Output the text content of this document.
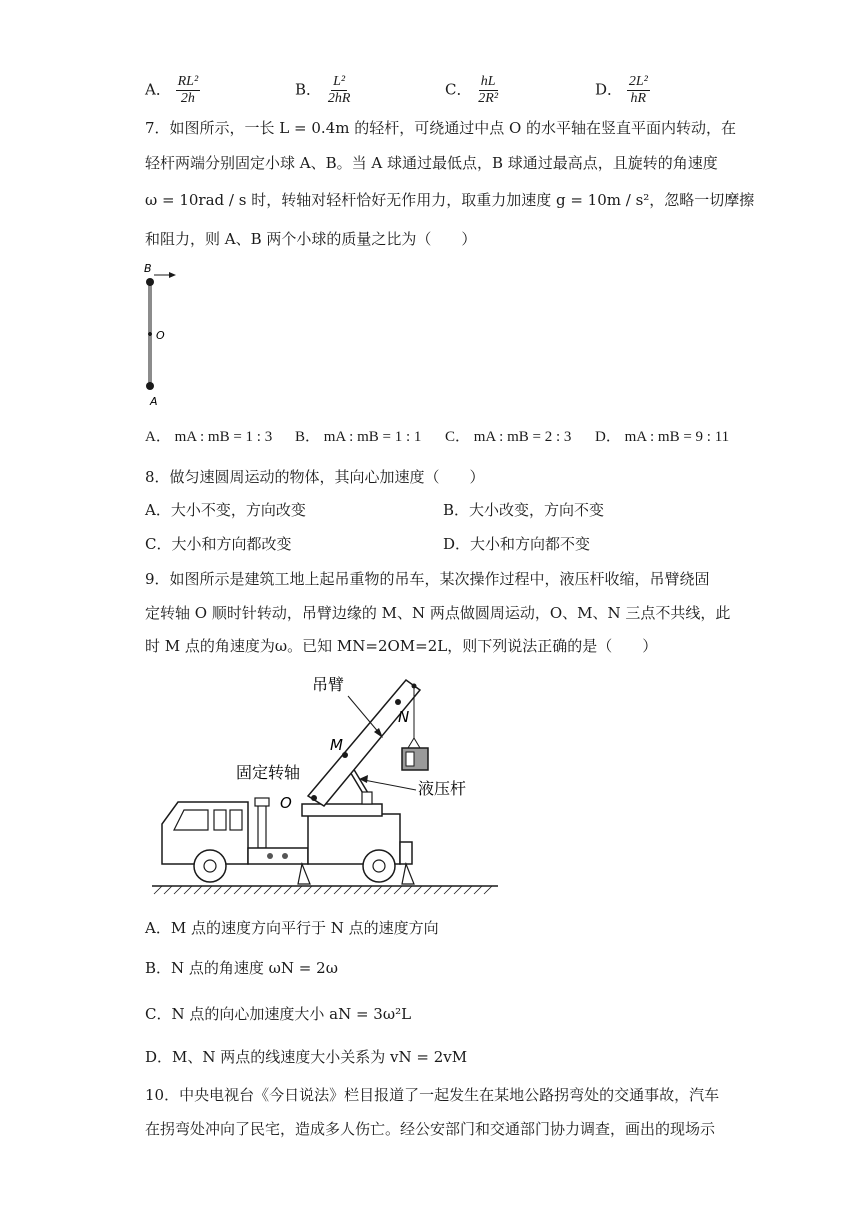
A． $\frac{\text{RL²}}{2h}$	B． $\frac{\text{L²}}{2hR}$	C． $\frac{hL}{\text{2R²}}$	D． $\frac{\text{2L²}}{hR}$
7．如图所示，一长 L = 0.4m 的轻杆，可绕通过中点 O 的水平轴在竖直平面内转动，在
轻杆两端分别固定小球 A、B。当 A 球通过最低点，B 球通过最高点，且旋转的角速度
ω = 10rad / s 时，转轴对轻杆恰好无作用力，取重力加速度 g = 10m / s²，忽略一切摩擦
和阻力，则 A、B 两个小球的质量之比为（　　）
B
O
A
A． mA : mB = 1 : 3 B． mA : mB = 1 : 1 C． mA : mB = 2 : 3 D． mA : mB = 9 : 11
8．做匀速圆周运动的物体，其向心加速度（　　）
A．大小不变，方向改变	B．大小改变，方向不变
C．大小和方向都改变	D．大小和方向都不变
9．如图所示是建筑工地上起吊重物的吊车，某次操作过程中，液压杆收缩，吊臂绕固
定转轴 O 顺时针转动，吊臂边缘的 M、N 两点做圆周运动，O、M、N 三点不共线，此
时 M 点的角速度为ω。已知 MN=2OM=2L，则下列说法正确的是（　　）
吊臂
N
M
固定转轴
O
液压杆
A．M 点的速度方向平行于 N 点的速度方向
B．N 点的角速度 ωN = 2ω
C．N 点的向心加速度大小 aN = 3ω²L
D．M、N 两点的线速度大小关系为 vN = 2vM
10．中央电视台《今日说法》栏目报道了一起发生在某地公路拐弯处的交通事故，汽车
在拐弯处冲向了民宅，造成多人伤亡。经公安部门和交通部门协力调查，画出的现场示
